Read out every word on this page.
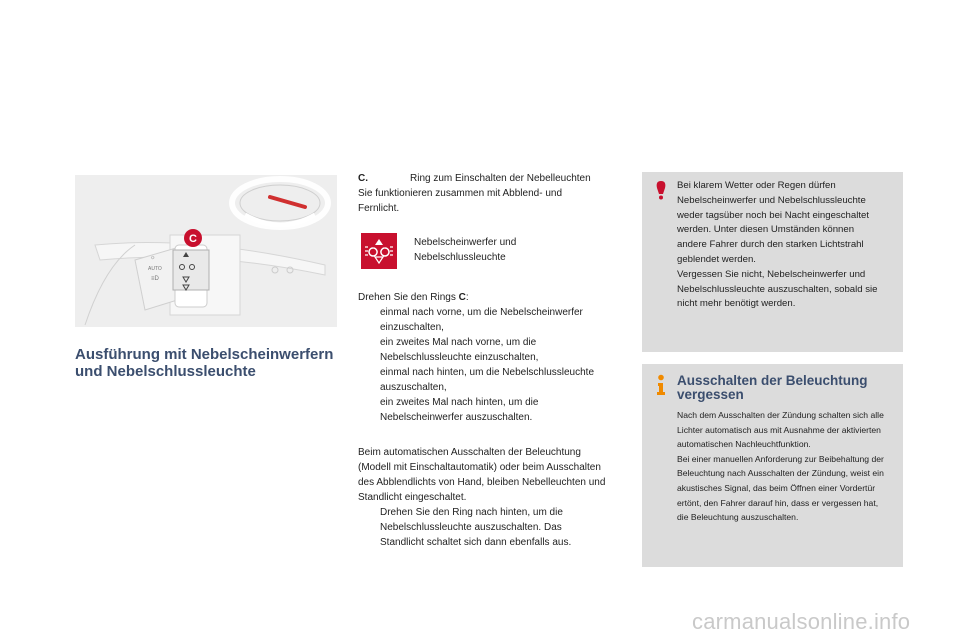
C
AUTO
☼
≡D
Ausführung mit Nebelscheinwerfern
und Nebelschlussleuchte
C.	Ring zum Einschalten der Nebelleuchten
Sie funktionieren zusammen mit Abblend- und
Fernlicht.
Nebelscheinwerfer und
Nebelschlussleuchte
Drehen Sie den Rings C:
einmal nach vorne, um die Nebelscheinwerfer
einzuschalten,
ein zweites Mal nach vorne, um die
Nebelschlussleuchte einzuschalten,
einmal nach hinten, um die Nebelschlussleuchte
auszuschalten,
ein zweites Mal nach hinten, um die
Nebelscheinwerfer auszuschalten.
Beim automatischen Ausschalten der Beleuchtung
(Modell mit Einschaltautomatik) oder beim Ausschalten
des Abblendlichts von Hand, bleiben Nebelleuchten und
Standlicht eingeschaltet.
Drehen Sie den Ring nach hinten, um die
Nebelschlussleuchte auszuschalten. Das
Standlicht schaltet sich dann ebenfalls aus.
Bei klarem Wetter oder Regen dürfen
Nebelscheinwerfer und Nebelschlussleuchte
weder tagsüber noch bei Nacht eingeschaltet
werden. Unter diesen Umständen können
andere Fahrer durch den starken Lichtstrahl
geblendet werden.
Vergessen Sie nicht, Nebelscheinwerfer und
Nebelschlussleuchte auszuschalten, sobald sie
nicht mehr benötigt werden.
Ausschalten der Beleuchtung
vergessen
Nach dem Ausschalten der Zündung schalten sich alle
Lichter automatisch aus mit Ausnahme der aktivierten
automatischen Nachleuchtfunktion.
Bei einer manuellen Anforderung zur Beibehaltung der
Beleuchtung nach Ausschalten der Zündung, weist ein
akustisches Signal, das beim Öffnen einer Vordertür
ertönt, den Fahrer darauf hin, dass er vergessen hat,
die Beleuchtung auszuschalten.
carmanualsonline.info
